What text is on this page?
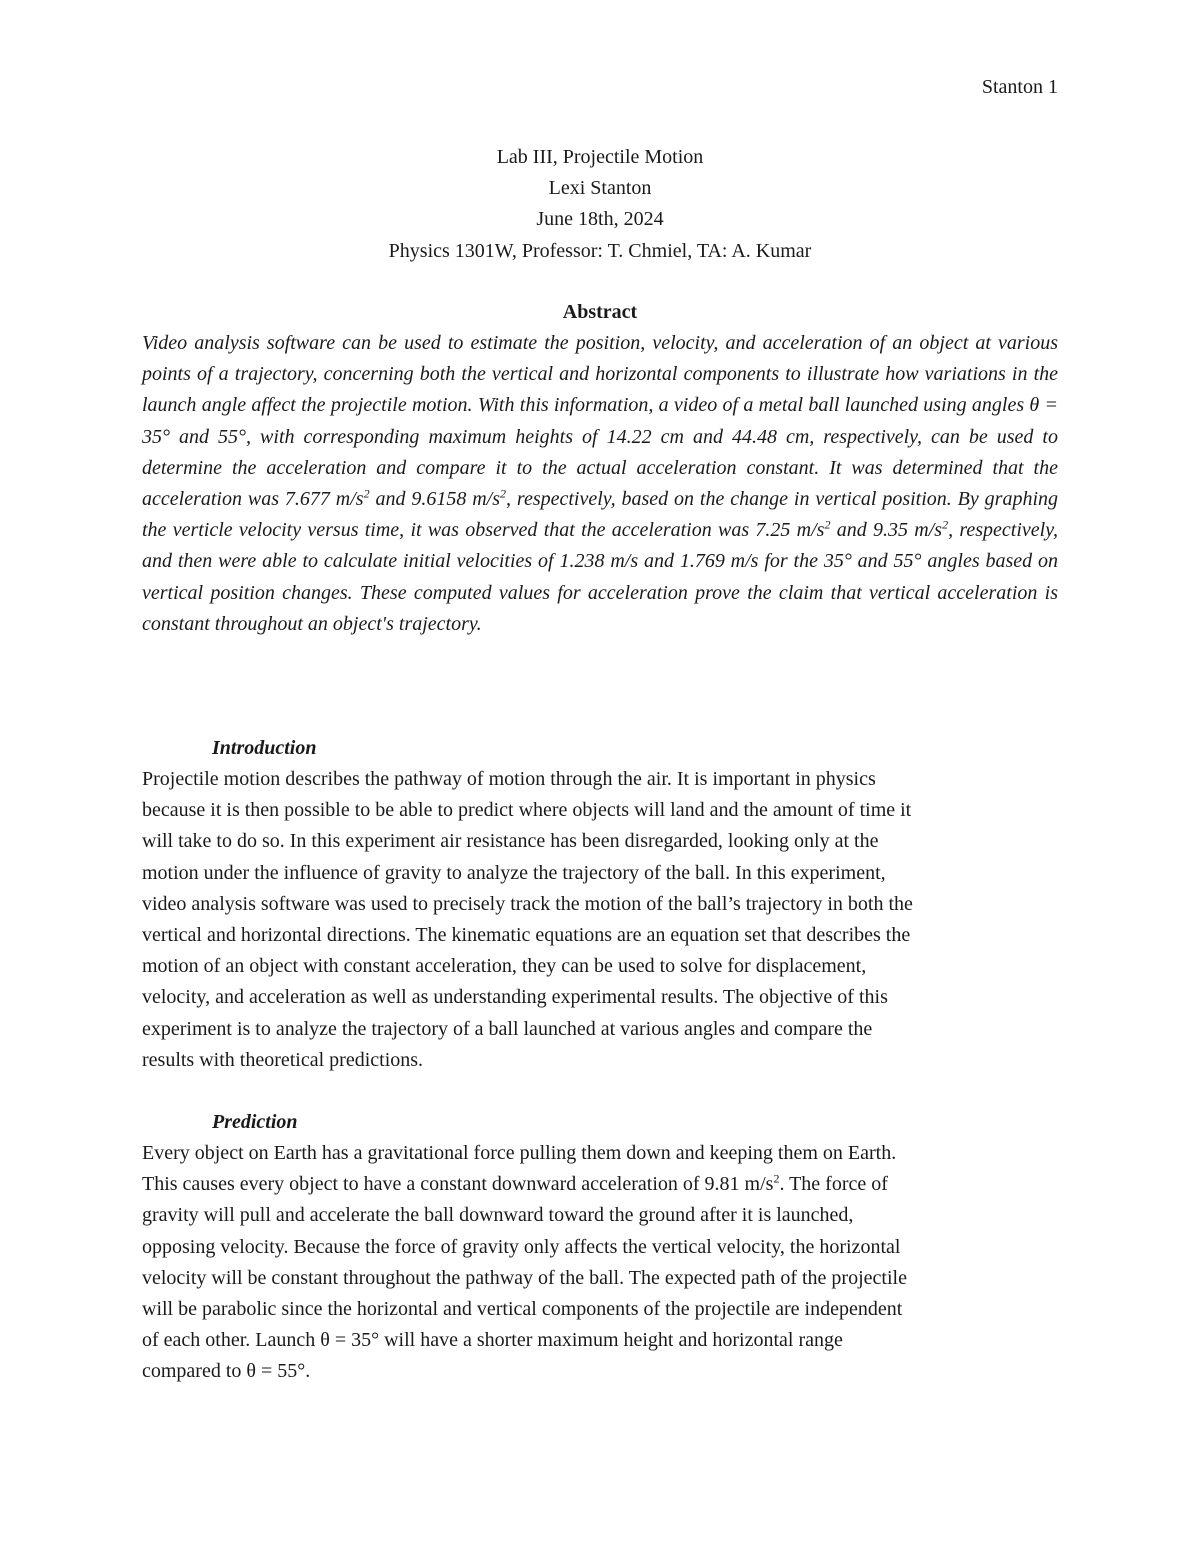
Stanton 1
Lab III, Projectile Motion
Lexi Stanton
June 18th, 2024
Physics 1301W, Professor: T. Chmiel, TA: A. Kumar
Abstract
Video analysis software can be used to estimate the position, velocity, and acceleration of an object at various points of a trajectory, concerning both the vertical and horizontal components to illustrate how variations in the launch angle affect the projectile motion. With this information, a video of a metal ball launched using angles θ = 35° and 55°, with corresponding maximum heights of 14.22 cm and 44.48 cm, respectively, can be used to determine the acceleration and compare it to the actual acceleration constant. It was determined that the acceleration was 7.677 $m/s^2$ and 9.6158 $m/s^2$, respectively, based on the change in vertical position. By graphing the verticle velocity versus time, it was observed that the acceleration was 7.25 $m/s^2$ and 9.35 $m/s^2$, respectively, and then were able to calculate initial velocities of 1.238 m/s and 1.769 m/s for the 35° and 55° angles based on vertical position changes. These computed values for acceleration prove the claim that vertical acceleration is constant throughout an object's trajectory.
Introduction
Projectile motion describes the pathway of motion through the air. It is important in physics
because it is then possible to be able to predict where objects will land and the amount of time it
will take to do so. In this experiment air resistance has been disregarded, looking only at the
motion under the influence of gravity to analyze the trajectory of the ball. In this experiment,
video analysis software was used to precisely track the motion of the ball’s trajectory in both the
vertical and horizontal directions. The kinematic equations are an equation set that describes the
motion of an object with constant acceleration, they can be used to solve for displacement,
velocity, and acceleration as well as understanding experimental results. The objective of this
experiment is to analyze the trajectory of a ball launched at various angles and compare the
results with theoretical predictions.
Prediction
Every object on Earth has a gravitational force pulling them down and keeping them on Earth.
This causes every object to have a constant downward acceleration of 9.81 $m/s^2$. The force of
gravity will pull and accelerate the ball downward toward the ground after it is launched,
opposing velocity. Because the force of gravity only affects the vertical velocity, the horizontal
velocity will be constant throughout the pathway of the ball. The expected path of the projectile
will be parabolic since the horizontal and vertical components of the projectile are independent
of each other. Launch θ = 35° will have a shorter maximum height and horizontal range
compared to θ = 55°.
